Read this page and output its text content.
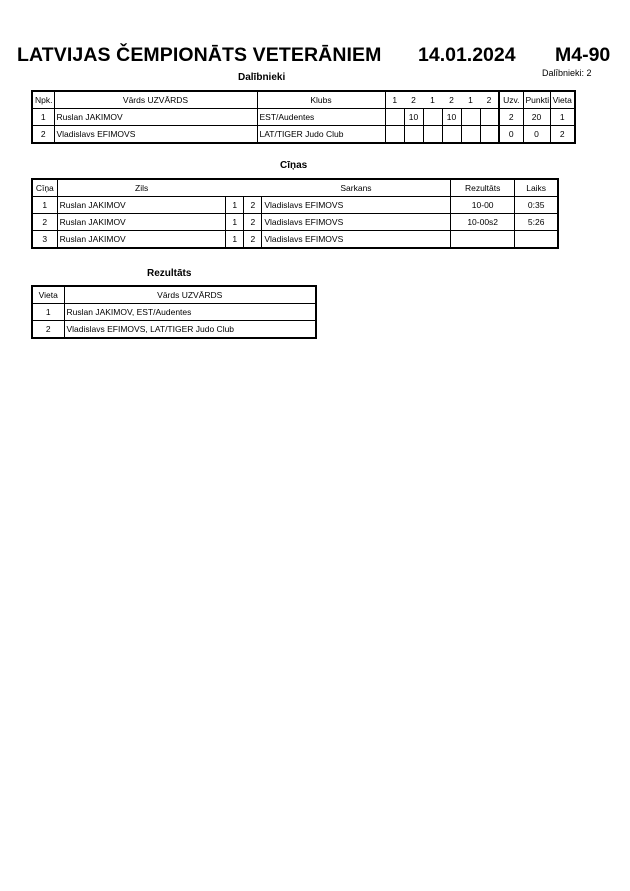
LATVIJAS ČEMPIONĀTS VETERĀNIEM 14.01.2024 M4-90
Dalībnieki: 2
Dalībnieki
Npk.	Vārds UZVĀRDS	Klubs	1	2	1	2	1	2	Uzv.	Punkti	Vieta
1	Ruslan JAKIMOV	EST/Audentes		10		10			2	20	1
2	Vladislavs EFIMOVS	LAT/TIGER Judo Club							0	0	2
Cīņas
Cīņa	Zils			Sarkans	Rezultāts	Laiks
1	Ruslan JAKIMOV	1	2	Vladislavs EFIMOVS	10-00	0:35
2	Ruslan JAKIMOV	1	2	Vladislavs EFIMOVS	10-00s2	5:26
3	Ruslan JAKIMOV	1	2	Vladislavs EFIMOVS		
Rezultāts
Vieta	Vārds UZVĀRDS
1	Ruslan JAKIMOV, EST/Audentes
2	Vladislavs EFIMOVS, LAT/TIGER Judo Club
